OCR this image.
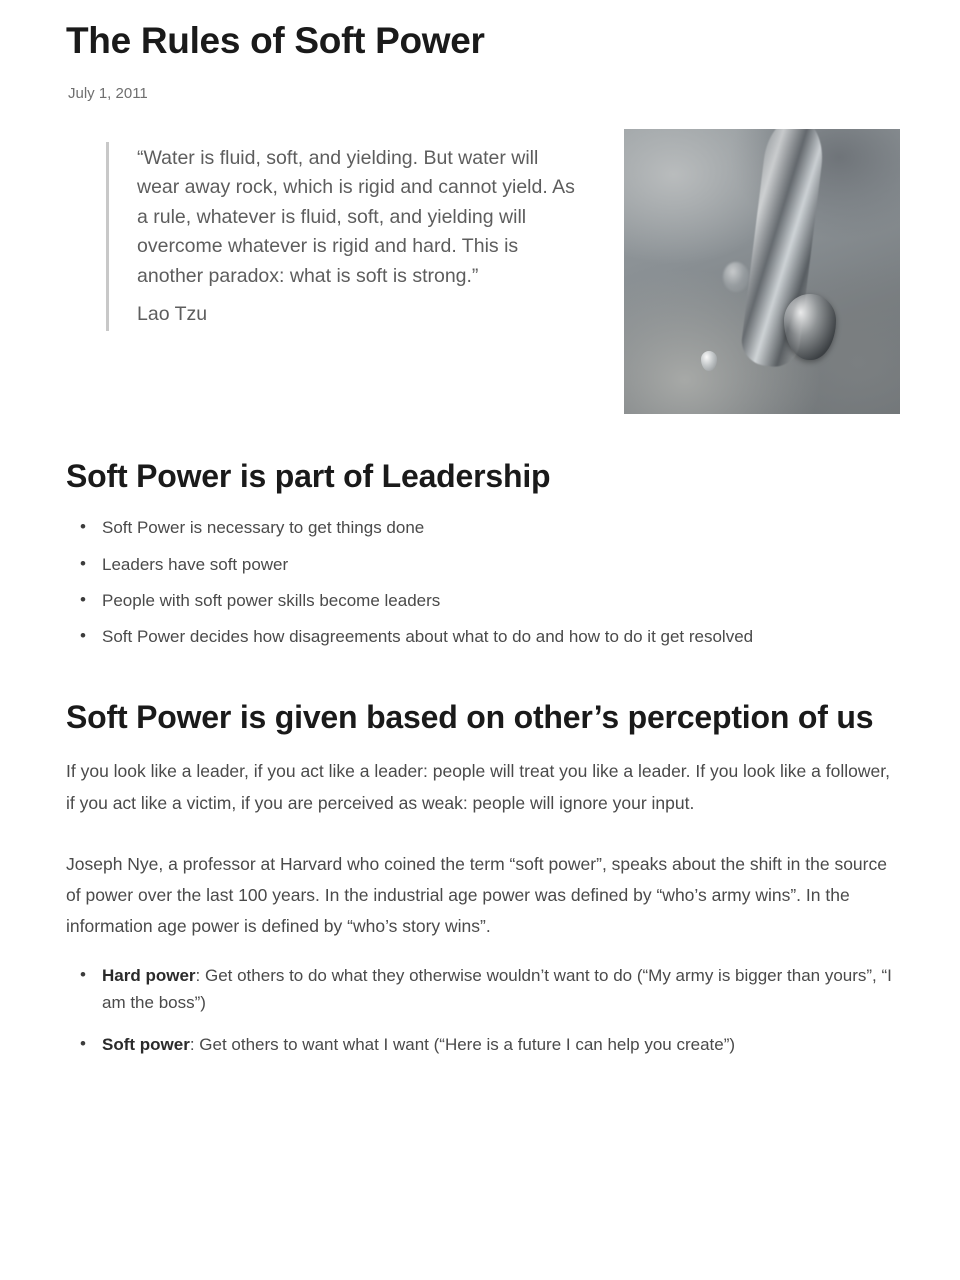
The Rules of Soft Power
July 1, 2011

“Water is fluid, soft, and yielding. But water will wear away rock, which is rigid and cannot yield. As a rule, whatever is fluid, soft, and yielding will overcome whatever is rigid and hard. This is another paradox: what is soft is strong.”

Lao Tzu
Soft Power is part of Leadership
• Soft Power is necessary to get things done
• Leaders have soft power
• People with soft power skills become leaders
• Soft Power decides how disagreements about what to do and how to do it get resolved
Soft Power is given based on other’s perception of us

If you look like a leader, if you act like a leader: people will treat you like a leader. If you look like a follower, if you act like a victim, if you are perceived as weak: people will ignore your input.

Joseph Nye, a professor at Harvard who coined the term “soft power”, speaks about the shift in the source of power over the last 100 years. In the industrial age power was defined by “who’s army wins”. In the information age power is defined by “who’s story wins”.

• Hard power: Get others to do what they otherwise wouldn’t want to do (“My army is bigger than yours”, “I am the boss”)
• Soft power: Get others to want what I want (“Here is a future I can help you create”)
